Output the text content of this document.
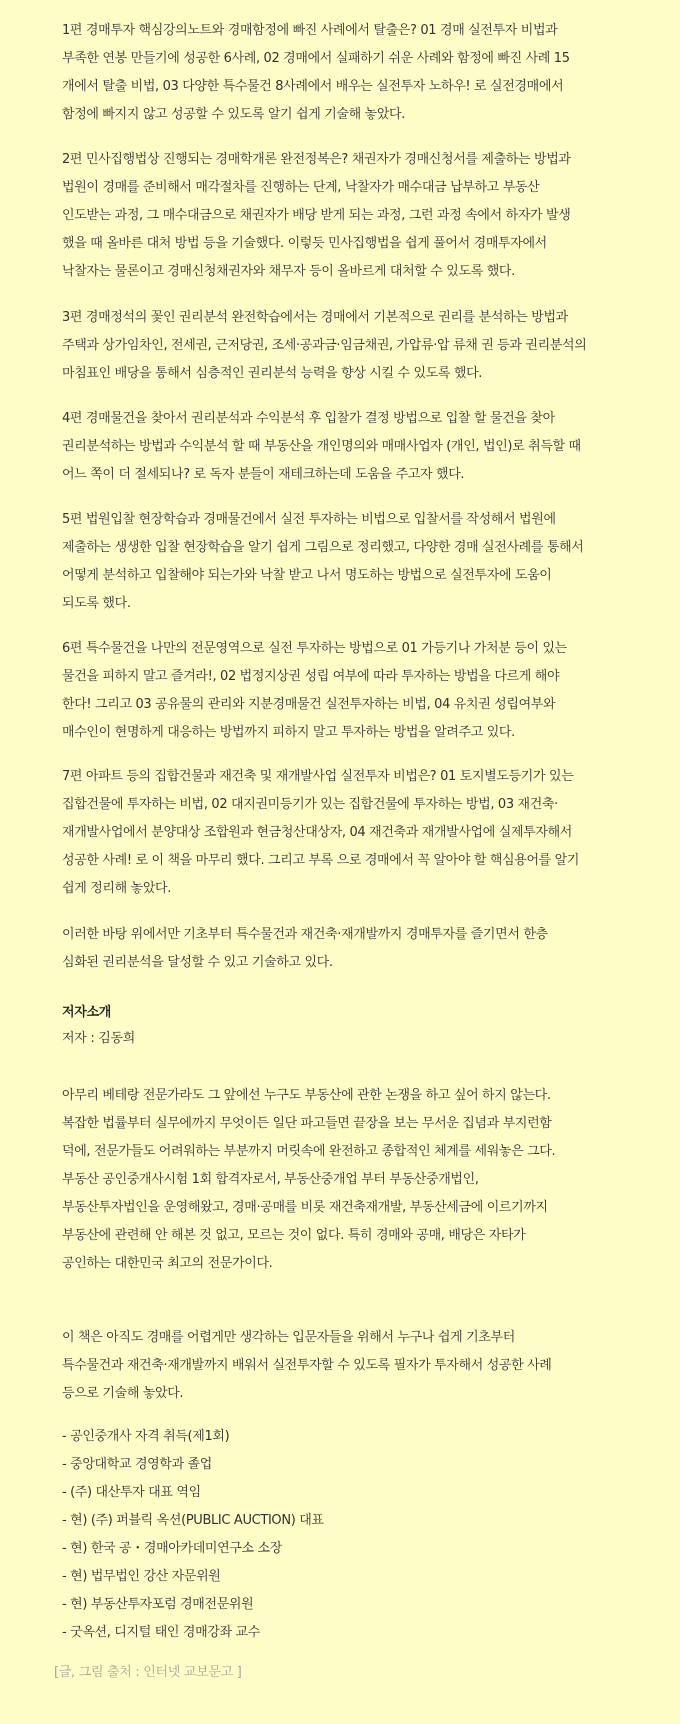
1편 경매투자 핵심강의노트와 경매함정에 빠진 사례에서 탈출은? 01 경매 실전투자 비법과
부족한 연봉 만들기에 성공한 6사례, 02 경매에서 실패하기 쉬운 사례와 함정에 빠진 사례 15
개에서 탈출 비법, 03 다양한 특수물건 8사례에서 배우는 실전투자 노하우! 로 실전경매에서
함정에 빠지지 않고 성공할 수 있도록 알기 쉽게 기술해 놓았다.

2편 민사집행법상 진행되는 경매학개론 완전정복은? 채권자가 경매신청서를 제출하는 방법과
법원이 경매를 준비해서 매각절차를 진행하는 단계, 낙찰자가 매수대금 납부하고 부동산
인도받는 과정, 그 매수대금으로 채권자가 배당 받게 되는 과정, 그런 과정 속에서 하자가 발생
했을 때 올바른 대처 방법 등을 기술했다. 이렇듯 민사집행법을 쉽게 풀어서 경매투자에서
낙찰자는 물론이고 경매신청채권자와 채무자 등이 올바르게 대처할 수 있도록 했다.

3편 경매정석의 꽃인 권리분석 완전학습에서는 경매에서 기본적으로 권리를 분석하는 방법과
주택과 상가임차인, 전세권, 근저당권, 조세·공과금·임금채권, 가압류·압 류채 권 등과 권리분석의
마침표인 배당을 통해서 심층적인 권리분석 능력을 향상 시킬 수 있도록 했다.

4편 경매물건을 찾아서 권리분석과 수익분석 후 입찰가 결정 방법으로 입찰 할 물건을 찾아
권리분석하는 방법과 수익분석 할 때 부동산을 개인명의와 매매사업자 (개인, 법인)로 취득할 때
어느 쪽이 더 절세되나? 로 독자 분들이 재테크하는데 도움을 주고자 했다.

5편 법원입찰 현장학습과 경매물건에서 실전 투자하는 비법으로 입찰서를 작성해서 법원에
제출하는 생생한 입찰 현장학습을 알기 쉽게 그림으로 정리했고, 다양한 경매 실전사례를 통해서
어떻게 분석하고 입찰해야 되는가와 낙찰 받고 나서 명도하는 방법으로 실전투자에 도움이
되도록 했다.

6편 특수물건을 나만의 전문영역으로 실전 투자하는 방법으로 01 가등기나 가처분 등이 있는
물건을 피하지 말고 즐겨라!, 02 법정지상권 성립 여부에 따라 투자하는 방법을 다르게 해야
한다! 그리고 03 공유물의 관리와 지분경매물건 실전투자하는 비법, 04 유치권 성립여부와
매수인이 현명하게 대응하는 방법까지 피하지 말고 투자하는 방법을 알려주고 있다.

7편 아파트 등의 집합건물과 재건축 및 재개발사업 실전투자 비법은? 01 토지별도등기가 있는
집합건물에 투자하는 비법, 02 대지권미등기가 있는 집합건물에 투자하는 방법, 03 재건축·
재개발사업에서 분양대상 조합원과 현금청산대상자, 04 재건축과 재개발사업에 실제투자해서
성공한 사례! 로 이 책을 마무리 했다. 그리고 부록 으로 경매에서 꼭 알아야 할 핵심용어를 알기
쉽게 정리해 놓았다.

이러한 바탕 위에서만 기초부터 특수물건과 재건축·재개발까지 경매투자를 즐기면서 한층
심화된 권리분석을 달성할 수 있고 기술하고 있다.

저자소개

저자 : 김동희

아무리 베테랑 전문가라도 그 앞에선 누구도 부동산에 관한 논쟁을 하고 싶어 하지 않는다.
복잡한 법률부터 실무에까지 무엇이든 일단 파고들면 끝장을 보는 무서운 집념과 부지런함
덕에, 전문가들도 어려워하는 부분까지 머릿속에 완전하고 종합적인 체계를 세워놓은 그다.
부동산 공인중개사시험 1회 합격자로서, 부동산중개업 부터 부동산중개법인,
부동산투자법인을 운영해왔고, 경매·공매를 비롯 재건축재개발, 부동산세금에 이르기까지
부동산에 관련해 안 해본 것 없고, 모르는 것이 없다. 특히 경매와 공매, 배당은 자타가
공인하는 대한민국 최고의 전문가이다.

이 책은 아직도 경매를 어렵게만 생각하는 입문자들을 위해서 누구나 쉽게 기초부터
특수물건과 재건축·재개발까지 배워서 실전투자할 수 있도록 필자가 투자해서 성공한 사례
등으로 기술해 놓았다.

- 공인중개사 자격 취득(제1회)
- 중앙대학교 경영학과 졸업
- (주) 대산투자 대표 역임
- 현) (주) 퍼블릭 옥션(PUBLIC AUCTION) 대표
- 현) 한국 공・경매아카데미연구소 소장
- 현) 법무법인 강산 자문위원
- 현) 부동산투자포럼 경매전문위원
- 굿옥션, 디지털 태인 경매강좌 교수

[글, 그림 출처 : 인터넷 교보문고 ]
